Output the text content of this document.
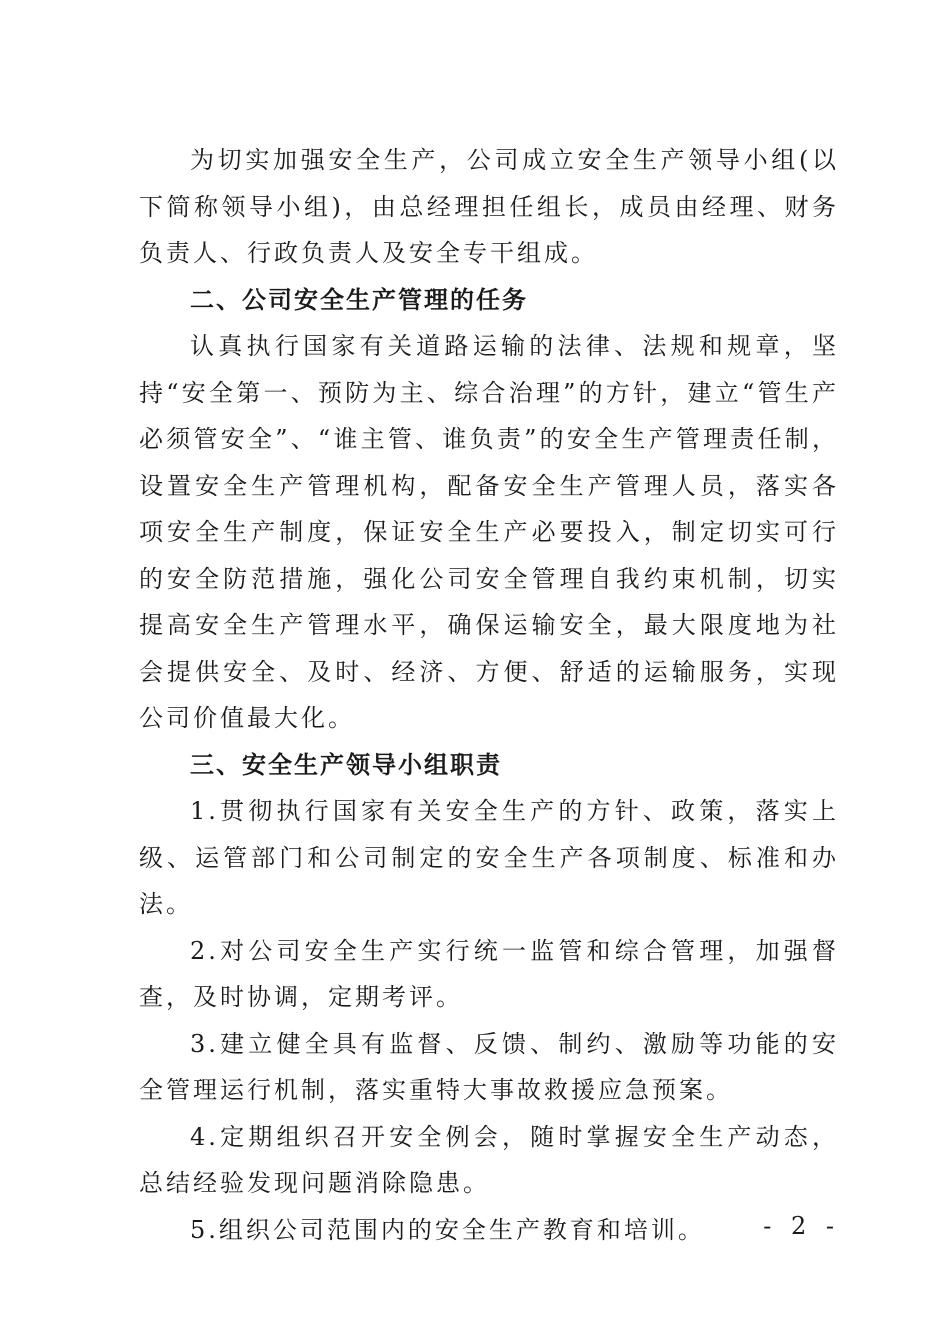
为切实加强安全生产，公司成立安全生产领导小组(以下简称领导小组)，由总经理担任组长，成员由经理、财务负责人、行政负责人及安全专干组成。

二、公司安全生产管理的任务

认真执行国家有关道路运输的法律、法规和规章，坚持“安全第一、预防为主、综合治理”的方针，建立“管生产必须管安全”、“谁主管、谁负责”的安全生产管理责任制，设置安全生产管理机构，配备安全生产管理人员，落实各项安全生产制度，保证安全生产必要投入，制定切实可行的安全防范措施，强化公司安全管理自我约束机制，切实提高安全生产管理水平，确保运输安全，最大限度地为社会提供安全、及时、经济、方便、舒适的运输服务，实现公司价值最大化。

三、安全生产领导小组职责

1.贯彻执行国家有关安全生产的方针、政策，落实上级、运管部门和公司制定的安全生产各项制度、标准和办法。

2.对公司安全生产实行统一监管和综合管理，加强督查，及时协调，定期考评。

3.建立健全具有监督、反馈、制约、激励等功能的安全管理运行机制，落实重特大事故救援应急预案。

4.定期组织召开安全例会，随时掌握安全生产动态，总结经验发现问题消除隐患。

5.组织公司范围内的安全生产教育和培训。	- 2 -
